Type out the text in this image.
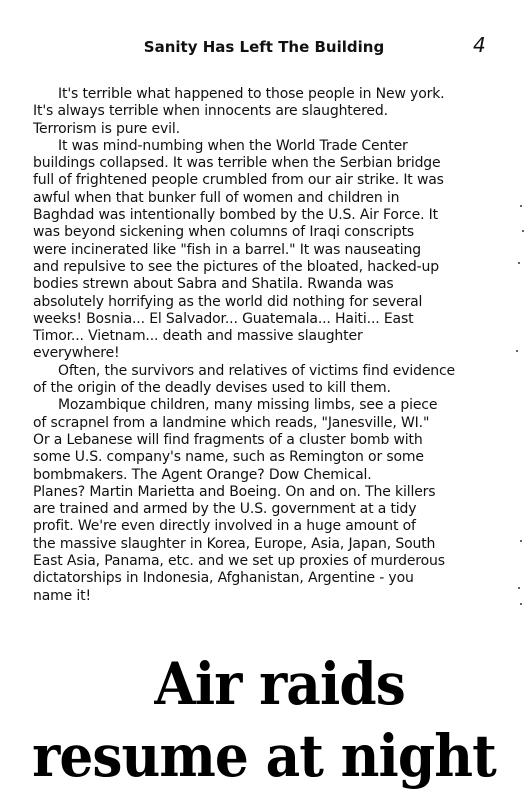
Sanity Has Left The Building	4

It's terrible what happened to those people in New york.

It's always terrible when innocents are slaughtered.

Terrorism is pure evil.

It was mind-numbing when the World Trade Center

buildings collapsed. It was terrible when the Serbian bridge

full of frightened people crumbled from our air strike. It was

awful when that bunker full of women and children in

Baghdad was intentionally bombed by the U.S. Air Force. It

was beyond sickening when columns of Iraqi conscripts

were incinerated like "fish in a barrel." It was nauseating

and repulsive to see the pictures of the bloated, hacked-up

bodies strewn about Sabra and Shatila. Rwanda was

absolutely horrifying as the world did nothing for several

weeks! Bosnia... El Salvador... Guatemala... Haiti... East

Timor... Vietnam... death and massive slaughter

everywhere!

Often, the survivors and relatives of victims find evidence

of the origin of the deadly devises used to kill them.

Mozambique children, many missing limbs, see a piece

of scrapnel from a landmine which reads, "Janesville, WI."

Or a Lebanese will find fragments of a cluster bomb with

some U.S. company's name, such as Remington or some

bombmakers. The Agent Orange? Dow Chemical.

Planes? Martin Marietta and Boeing. On and on. The killers

are trained and armed by the U.S. government at a tidy

profit. We're even directly involved in a huge amount of

the massive slaughter in Korea, Europe, Asia, Japan, South

East Asia, Panama, etc. and we set up proxies of murderous

dictatorships in Indonesia, Afghanistan, Argentine - you

name it!

Air raids
resume at night
